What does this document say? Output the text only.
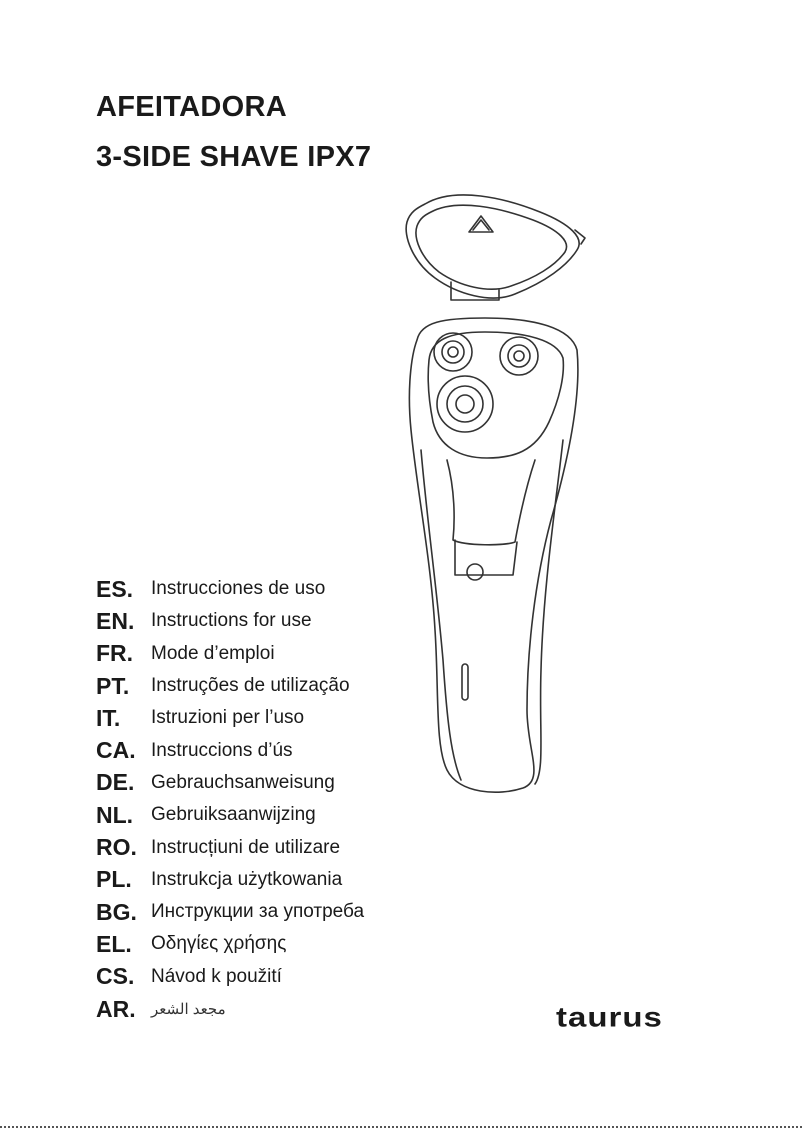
AFEITADORA
3-SIDE SHAVE IPX7
ES. Instrucciones de uso
EN. Instructions for use
FR. Mode d’emploi
PT.	Instruções de utilização
IT.	Istruzioni per l’uso
CA. Instruccions d’ús
DE. Gebrauchsanweisung
NL. Gebruiksaanwijzing
RO. Instrucțiuni de utilizare
PL.	Instrukcja użytkowania
BG. Инструкции за употреба
EL.	Οδηγίες χρήσης
CS. Návod k použití
AR.	مجعد الشعر	taurus
